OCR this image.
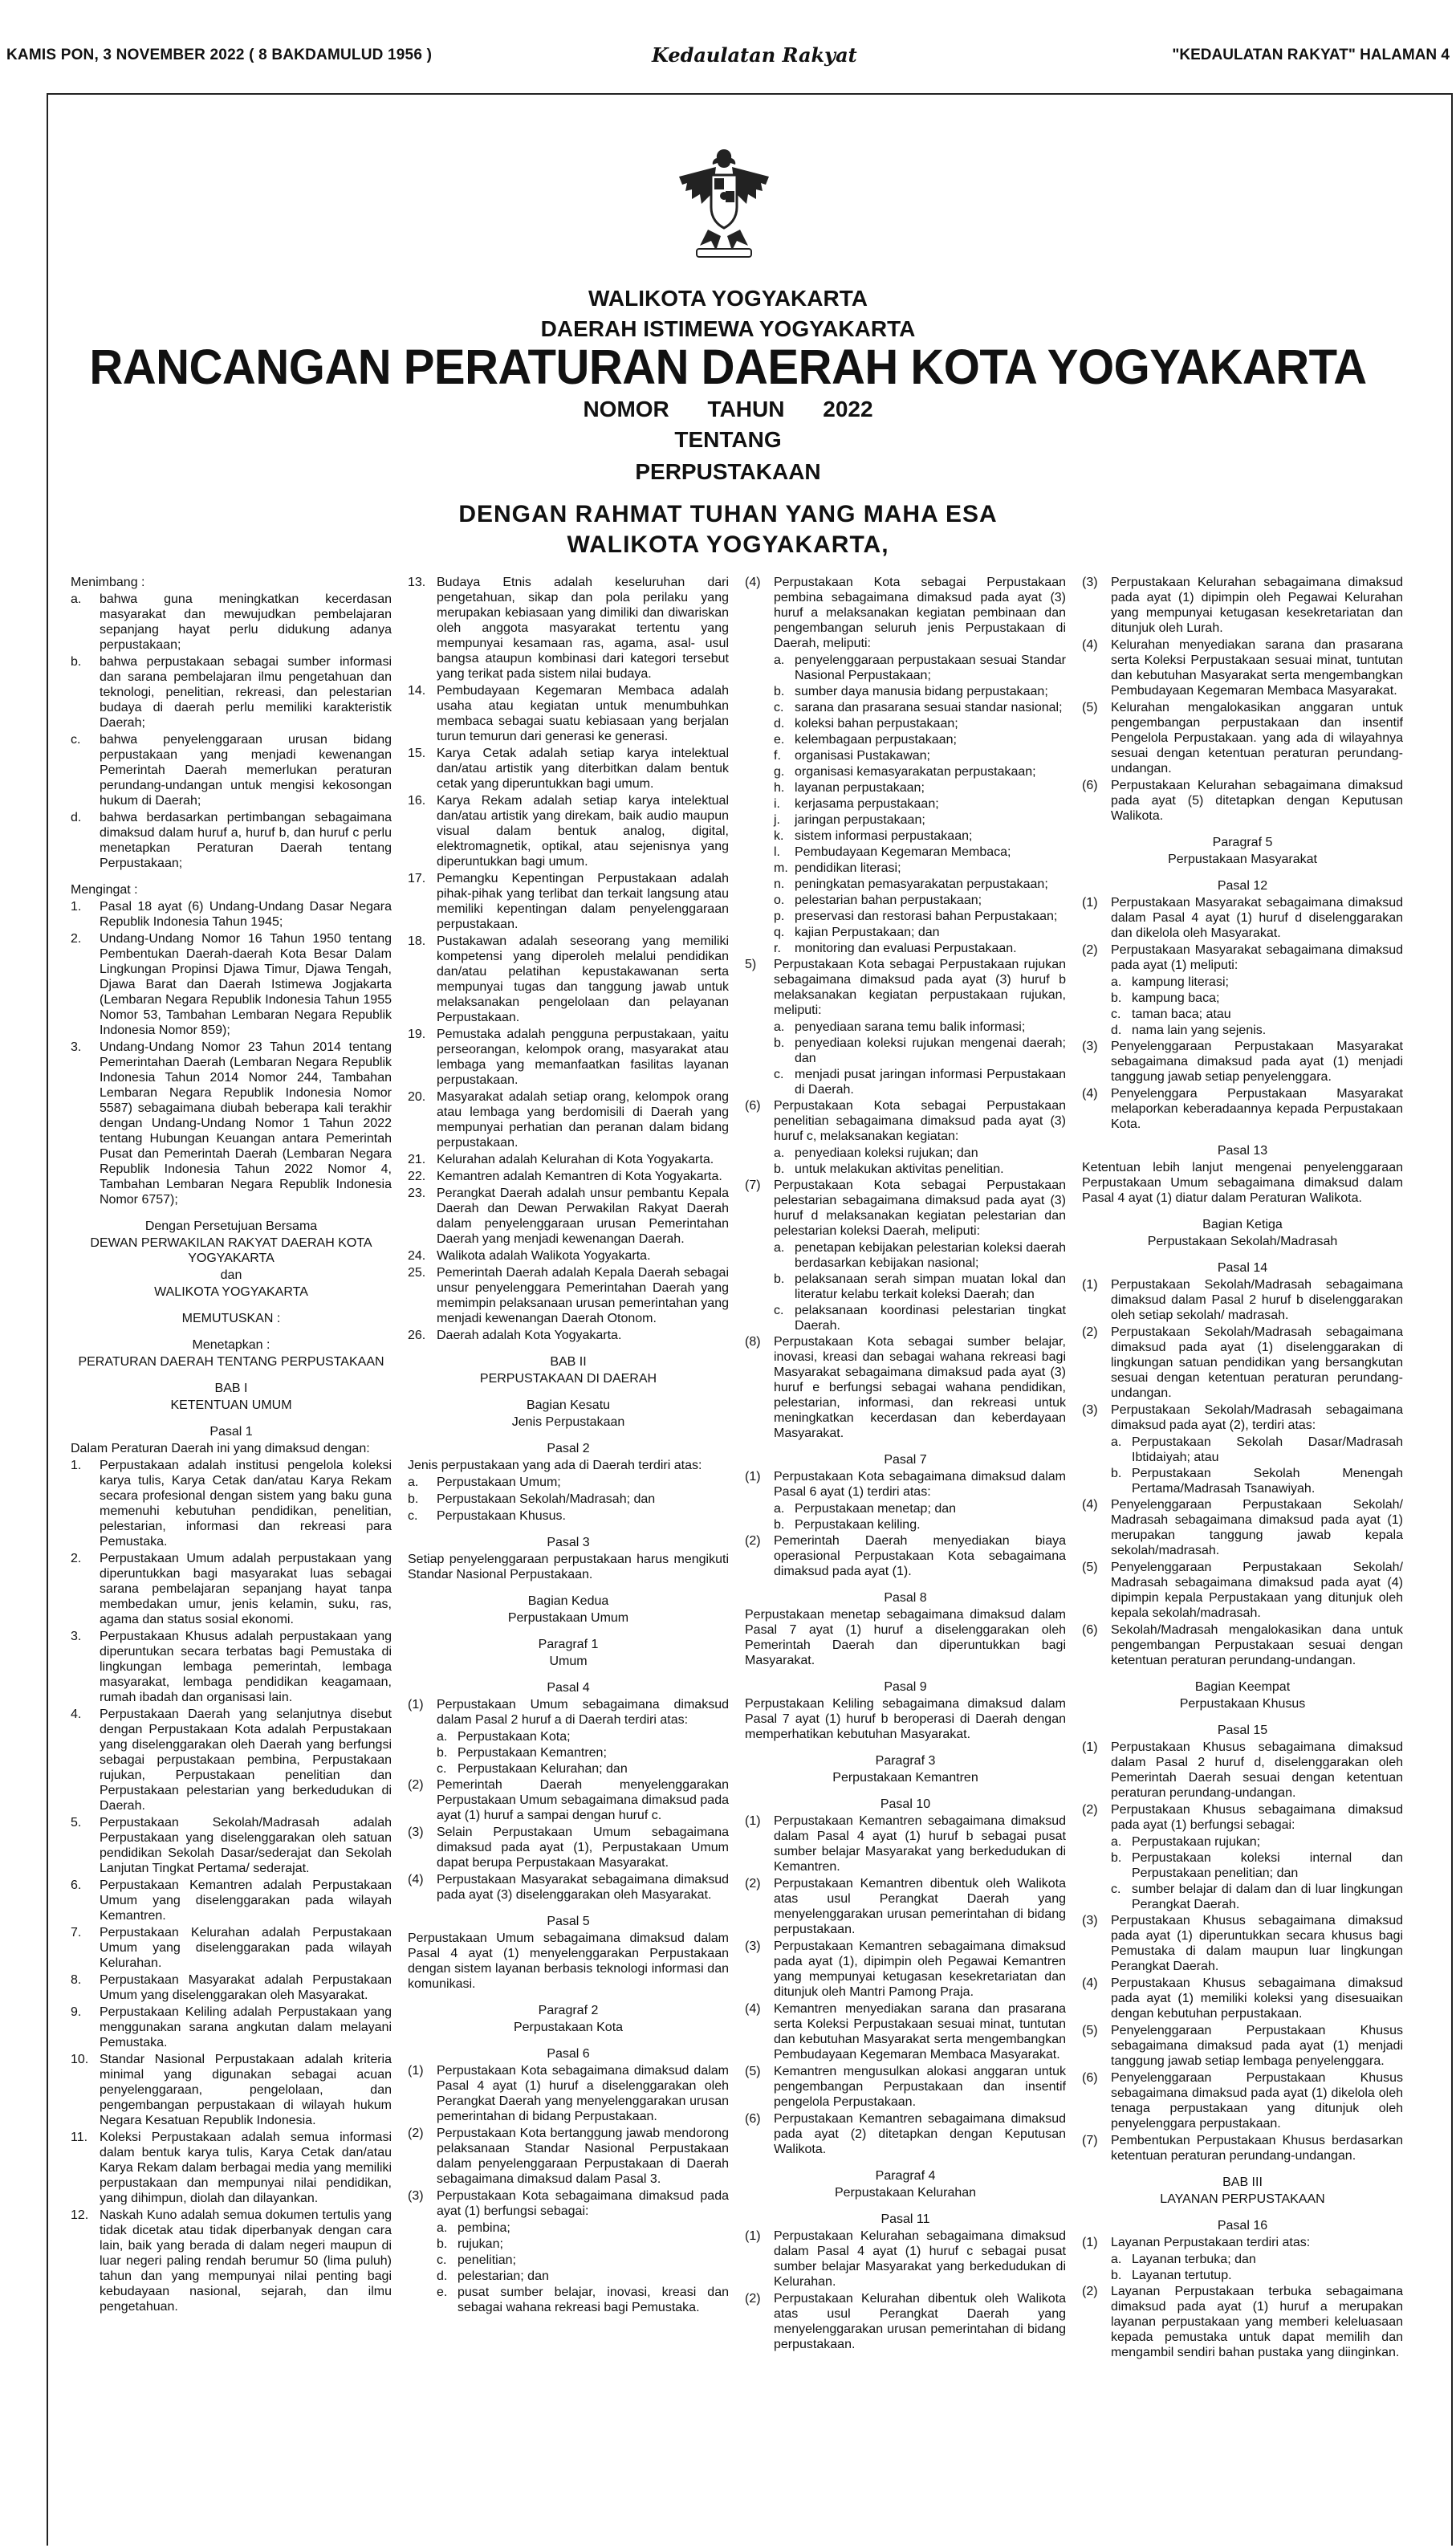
KAMIS PON, 3 NOVEMBER 2022 ( 8 BAKDAMULUD 1956 )	Kedaulatan Rakyat	"KEDAULATAN RAKYAT" HALAMAN 4
WALIKOTA YOGYAKARTA
DAERAH ISTIMEWA YOGYAKARTA
RANCANGAN PERATURAN DAERAH KOTA YOGYAKARTA
NOMOR TAHUN 2022
TENTANG
PERPUSTAKAAN
DENGAN RAHMAT TUHAN YANG MAHA ESA
WALIKOTA YOGYAKARTA,

Menimbang :

a.	bahwa guna meningkatkan kecerdasan masyarakat dan mewujudkan pembelajaran sepanjang hayat perlu didukung adanya perpustakaan;
b.	bahwa perpustakaan sebagai sumber informasi dan sarana pembelajaran ilmu pengetahuan dan teknologi, penelitian, rekreasi, dan pelestarian budaya di daerah perlu memiliki karakteristik Daerah;
c.	bahwa penyelenggaraan urusan bidang perpustakaan yang menjadi kewenangan Pemerintah Daerah memerlukan peraturan perundang-undangan untuk mengisi kekosongan hukum di Daerah;
d.	bahwa berdasarkan pertimbangan sebagaimana dimaksud dalam huruf a, huruf b, dan huruf c perlu menetapkan Peraturan Daerah tentang Perpustakaan;

Mengingat :

1.	Pasal 18 ayat (6) Undang-Undang Dasar Negara Republik Indonesia Tahun 1945;
2.	Undang-Undang Nomor 16 Tahun 1950 tentang Pembentukan Daerah-daerah Kota Besar Dalam Lingkungan Propinsi Djawa Timur, Djawa Tengah, Djawa Barat dan Daerah Istimewa Jogjakarta (Lembaran Negara Republik Indonesia Tahun 1955 Nomor 53, Tambahan Lembaran Negara Republik Indonesia Nomor 859);
3.	Undang-Undang Nomor 23 Tahun 2014 tentang Pemerintahan Daerah (Lembaran Negara Republik Indonesia Tahun 2014 Nomor 244, Tambahan Lembaran Negara Republik Indonesia Nomor 5587) sebagaimana diubah beberapa kali terakhir dengan Undang-Undang Nomor 1 Tahun 2022 tentang Hubungan Keuangan antara Pemerintah Pusat dan Pemerintah Daerah (Lembaran Negara Republik Indonesia Tahun 2022 Nomor 4, Tambahan Lembaran Negara Republik Indonesia Nomor 6757);

Dengan Persetujuan Bersama

DEWAN PERWAKILAN RAKYAT DAERAH KOTA YOGYAKARTA

dan

WALIKOTA YOGYAKARTA

MEMUTUSKAN :

Menetapkan :

PERATURAN DAERAH TENTANG PERPUSTAKAAN

BAB I

KETENTUAN UMUM

Pasal 1

Dalam Peraturan Daerah ini yang dimaksud dengan:

1.	Perpustakaan adalah institusi pengelola koleksi karya tulis, Karya Cetak dan/atau Karya Rekam secara profesional dengan sistem yang baku guna memenuhi kebutuhan pendidikan, penelitian, pelestarian, informasi dan rekreasi para Pemustaka.
2.	Perpustakaan Umum adalah perpustakaan yang diperuntukkan bagi masyarakat luas sebagai sarana pembelajaran sepanjang hayat tanpa membedakan umur, jenis kelamin, suku, ras, agama dan status sosial ekonomi.
3.	Perpustakaan Khusus adalah perpustakaan yang diperuntukan secara terbatas bagi Pemustaka di lingkungan lembaga pemerintah, lembaga masyarakat, lembaga pendidikan keagamaan, rumah ibadah dan organisasi lain.
4.	Perpustakaan Daerah yang selanjutnya disebut dengan Perpustakaan Kota adalah Perpustakaan yang diselenggarakan oleh Daerah yang berfungsi sebagai perpustakaan pembina, Perpustakaan rujukan, Perpustakaan penelitian dan Perpustakaan pelestarian yang berkedudukan di Daerah.
5.	Perpustakaan Sekolah/Madrasah adalah Perpustakaan yang diselenggarakan oleh satuan pendidikan Sekolah Dasar/sederajat dan Sekolah Lanjutan Tingkat Pertama/ sederajat.
6.	Perpustakaan Kemantren adalah Perpustakaan Umum yang diselenggarakan pada wilayah Kemantren.
7.	Perpustakaan Kelurahan adalah Perpustakaan Umum yang diselenggarakan pada wilayah Kelurahan.
8.	Perpustakaan Masyarakat adalah Perpustakaan Umum yang diselenggarakan oleh Masyarakat.
9.	Perpustakaan Keliling adalah Perpustakaan yang menggunakan sarana angkutan dalam melayani Pemustaka.
10. Standar Nasional Perpustakaan adalah kriteria minimal yang digunakan sebagai acuan penyelenggaraan, pengelolaan, dan pengembangan perpustakaan di wilayah hukum Negara Kesatuan Republik Indonesia.
11. Koleksi Perpustakaan adalah semua informasi dalam bentuk karya tulis, Karya Cetak dan/atau Karya Rekam dalam berbagai media yang memiliki perpustakaan dan mempunyai nilai pendidikan, yang dihimpun, diolah dan dilayankan.
12. Naskah Kuno adalah semua dokumen tertulis yang tidak dicetak atau tidak diperbanyak dengan cara lain, baik yang berada di dalam negeri maupun di luar negeri paling rendah berumur 50 (lima puluh) tahun dan yang mempunyai nilai penting bagi kebudayaan nasional, sejarah, dan ilmu pengetahuan.
13. Budaya Etnis adalah keseluruhan dari pengetahuan, sikap dan pola perilaku yang merupakan kebiasaan yang dimiliki dan diwariskan oleh anggota masyarakat tertentu yang mempunyai kesamaan ras, agama, asal- usul bangsa ataupun kombinasi dari kategori tersebut yang terikat pada sistem nilai budaya.
14. Pembudayaan Kegemaran Membaca adalah usaha atau kegiatan untuk menumbuhkan membaca sebagai suatu kebiasaan yang berjalan turun temurun dari generasi ke generasi.
15. Karya Cetak adalah setiap karya intelektual dan/atau artistik yang diterbitkan dalam bentuk cetak yang diperuntukkan bagi umum.
16. Karya Rekam adalah setiap karya intelektual dan/atau artistik yang direkam, baik audio maupun visual dalam bentuk analog, digital, elektromagnetik, optikal, atau sejenisnya yang diperuntukkan bagi umum.
17. Pemangku Kepentingan Perpustakaan adalah pihak-pihak yang terlibat dan terkait langsung atau memiliki kepentingan dalam penyelenggaraan perpustakaan.
18. Pustakawan adalah seseorang yang memiliki kompetensi yang diperoleh melalui pendidikan dan/atau pelatihan kepustakawanan serta mempunyai tugas dan tanggung jawab untuk melaksanakan pengelolaan dan pelayanan Perpustakaan.
19. Pemustaka adalah pengguna perpustakaan, yaitu perseorangan, kelompok orang, masyarakat atau lembaga yang memanfaatkan fasilitas layanan perpustakaan.
20. Masyarakat adalah setiap orang, kelompok orang atau lembaga yang berdomisili di Daerah yang mempunyai perhatian dan peranan dalam bidang perpustakaan.
21. Kelurahan adalah Kelurahan di Kota Yogyakarta.
22. Kemantren adalah Kemantren di Kota Yogyakarta.
23. Perangkat Daerah adalah unsur pembantu Kepala Daerah dan Dewan Perwakilan Rakyat Daerah dalam penyelenggaraan urusan Pemerintahan Daerah yang menjadi kewenangan Daerah.
24. Walikota adalah Walikota Yogyakarta.
25. Pemerintah Daerah adalah Kepala Daerah sebagai unsur penyelenggara Pemerintahan Daerah yang memimpin pelaksanaan urusan pemerintahan yang menjadi kewenangan Daerah Otonom.
26. Daerah adalah Kota Yogyakarta.

BAB II

PERPUSTAKAAN DI DAERAH

Bagian Kesatu

Jenis Perpustakaan

Pasal 2

Jenis perpustakaan yang ada di Daerah terdiri atas:

a.	Perpustakaan Umum;
b.	Perpustakaan Sekolah/Madrasah; dan
c.	Perpustakaan Khusus.

Pasal 3

Setiap penyelenggaraan perpustakaan harus mengikuti Standar Nasional Perpustakaan.

Bagian Kedua

Perpustakaan Umum

Paragraf 1

Umum

Pasal 4

(1)	Perpustakaan Umum sebagaimana dimaksud dalam Pasal 2 huruf a di Daerah terdiri atas:
a. Perpustakaan Kota;
b. Perpustakaan Kemantren;
c. Perpustakaan Kelurahan; dan
(2)	Pemerintah Daerah menyelenggarakan Perpustakaan Umum sebagaimana dimaksud pada ayat (1) huruf a sampai dengan huruf c.
(3)	Selain Perpustakaan Umum sebagaimana dimaksud pada ayat (1), Perpustakaan Umum dapat berupa Perpustakaan Masyarakat.
(4)	Perpustakaan Masyarakat sebagaimana dimaksud pada ayat (3) diselenggarakan oleh Masyarakat.

Pasal 5

Perpustakaan Umum sebagaimana dimaksud dalam Pasal 4 ayat (1) menyelenggarakan Perpustakaan dengan sistem layanan berbasis teknologi informasi dan komunikasi.

Paragraf 2

Perpustakaan Kota

Pasal 6

(1)	Perpustakaan Kota sebagaimana dimaksud dalam Pasal 4 ayat (1) huruf a diselenggarakan oleh Perangkat Daerah yang menyelenggarakan urusan pemerintahan di bidang Perpustakaan.
(2)	Perpustakaan Kota bertanggung jawab mendorong pelaksanaan Standar Nasional Perpustakaan dalam penyelenggaraan Perpustakaan di Daerah sebagaimana dimaksud dalam Pasal 3.
(3)	Perpustakaan Kota sebagaimana dimaksud pada ayat (1) berfungsi sebagai:
a. pembina;
b. rujukan;
c. penelitian;
d. pelestarian; dan
e. pusat sumber belajar, inovasi, kreasi dan sebagai wahana rekreasi bagi Pemustaka.
(4)	Perpustakaan Kota sebagai Perpustakaan pembina sebagaimana dimaksud pada ayat (3) huruf a melaksanakan kegiatan pembinaan dan pengembangan seluruh jenis Perpustakaan di Daerah, meliputi:
a. penyelenggaraan perpustakaan sesuai Standar Nasional Perpustakaan;
b. sumber daya manusia bidang perpustakaan;
c. sarana dan prasarana sesuai standar nasional;
d. koleksi bahan perpustakaan;
e. kelembagaan perpustakaan;
f.	organisasi Pustakawan;
g. organisasi kemasyarakatan perpustakaan;
h. layanan perpustakaan;
i.	kerjasama perpustakaan;
j.	jaringan perpustakaan;
k. sistem informasi perpustakaan;
l.	Pembudayaan Kegemaran Membaca;
m. pendidikan literasi;
n. peningkatan pemasyarakatan perpustakaan;
o. pelestarian bahan perpustakaan;
p. preservasi dan restorasi bahan Perpustakaan;
q. kajian Perpustakaan; dan
r.	monitoring dan evaluasi Perpustakaan.
5)	Perpustakaan Kota sebagai Perpustakaan rujukan sebagaimana dimaksud pada ayat (3) huruf b melaksanakan kegiatan perpustakaan rujukan, meliputi:
a. penyediaan sarana temu balik informasi;
b. penyediaan koleksi rujukan mengenai daerah; dan
c. menjadi pusat jaringan informasi Perpustakaan di Daerah.
(6)	Perpustakaan Kota sebagai Perpustakaan penelitian sebagaimana dimaksud pada ayat (3) huruf c, melaksanakan kegiatan:
a. penyediaan koleksi rujukan; dan
b. untuk melakukan aktivitas penelitian.
(7)	Perpustakaan Kota sebagai Perpustakaan pelestarian sebagaimana dimaksud pada ayat (3) huruf d melaksanakan kegiatan pelestarian dan pelestarian koleksi Daerah, meliputi:
a. penetapan kebijakan pelestarian koleksi daerah berdasarkan kebijakan nasional;
b. pelaksanaan serah simpan muatan lokal dan literatur kelabu terkait koleksi Daerah; dan
c. pelaksanaan koordinasi pelestarian tingkat Daerah.
(8)	Perpustakaan Kota sebagai sumber belajar, inovasi, kreasi dan sebagai wahana rekreasi bagi Masyarakat sebagaimana dimaksud pada ayat (3) huruf e berfungsi sebagai wahana pendidikan, pelestarian, informasi, dan rekreasi untuk meningkatkan kecerdasan dan keberdayaan Masyarakat.

Pasal 7

(1)	Perpustakaan Kota sebagaimana dimaksud dalam Pasal 6 ayat (1) terdiri atas:
a. Perpustakaan menetap; dan
b. Perpustakaan keliling.
(2)	Pemerintah Daerah menyediakan biaya operasional Perpustakaan Kota sebagaimana dimaksud pada ayat (1).

Pasal 8

Perpustakaan menetap sebagaimana dimaksud dalam Pasal 7 ayat (1) huruf a diselenggarakan oleh Pemerintah Daerah dan diperuntukkan bagi Masyarakat.

Pasal 9

Perpustakaan Keliling sebagaimana dimaksud dalam Pasal 7 ayat (1) huruf b beroperasi di Daerah dengan memperhatikan kebutuhan Masyarakat.

Paragraf 3

Perpustakaan Kemantren

Pasal 10

(1)	Perpustakaan Kemantren sebagaimana dimaksud dalam Pasal 4 ayat (1) huruf b sebagai pusat sumber belajar Masyarakat yang berkedudukan di Kemantren.
(2)	Perpustakaan Kemantren dibentuk oleh Walikota atas usul Perangkat Daerah yang menyelenggarakan urusan pemerintahan di bidang perpustakaan.
(3)	Perpustakaan Kemantren sebagaimana dimaksud pada ayat (1), dipimpin oleh Pegawai Kemantren yang mempunyai ketugasan kesekretariatan dan ditunjuk oleh Mantri Pamong Praja.
(4)	Kemantren menyediakan sarana dan prasarana serta Koleksi Perpustakaan sesuai minat, tuntutan dan kebutuhan Masyarakat serta mengembangkan Pembudayaan Kegemaran Membaca Masyarakat.
(5)	Kemantren mengusulkan alokasi anggaran untuk pengembangan Perpustakaan dan insentif pengelola Perpustakaan.
(6)	Perpustakaan Kemantren sebagaimana dimaksud pada ayat (2) ditetapkan dengan Keputusan Walikota.

Paragraf 4

Perpustakaan Kelurahan

Pasal 11

(1)	Perpustakaan Kelurahan sebagaimana dimaksud dalam Pasal 4 ayat (1) huruf c sebagai pusat sumber belajar Masyarakat yang berkedudukan di Kelurahan.
(2)	Perpustakaan Kelurahan dibentuk oleh Walikota atas usul Perangkat Daerah yang menyelenggarakan urusan pemerintahan di bidang perpustakaan.
(3)	Perpustakaan Kelurahan sebagaimana dimaksud pada ayat (1) dipimpin oleh Pegawai Kelurahan yang mempunyai ketugasan kesekretariatan dan ditunjuk oleh Lurah.
(4)	Kelurahan menyediakan sarana dan prasarana serta Koleksi Perpustakaan sesuai minat, tuntutan dan kebutuhan Masyarakat serta mengembangkan Pembudayaan Kegemaran Membaca Masyarakat.
(5)	Kelurahan mengalokasikan anggaran untuk pengembangan perpustakaan dan insentif Pengelola Perpustakaan. yang ada di wilayahnya sesuai dengan ketentuan peraturan perundang-undangan.
(6)	Perpustakaan Kelurahan sebagaimana dimaksud pada ayat (5) ditetapkan dengan Keputusan Walikota.

Paragraf 5

Perpustakaan Masyarakat

Pasal 12

(1)	Perpustakaan Masyarakat sebagaimana dimaksud dalam Pasal 4 ayat (1) huruf d diselenggarakan dan dikelola oleh Masyarakat.
(2)	Perpustakaan Masyarakat sebagaimana dimaksud pada ayat (1) meliputi:
a. kampung literasi;
b. kampung baca;
c. taman baca; atau
d. nama lain yang sejenis.
(3)	Penyelenggaraan Perpustakaan Masyarakat sebagaimana dimaksud pada ayat (1) menjadi tanggung jawab setiap penyelenggara.
(4)	Penyelenggara Perpustakaan Masyarakat melaporkan keberadaannya kepada Perpustakaan Kota.

Pasal 13

Ketentuan lebih lanjut mengenai penyelenggaraan Perpustakaan Umum sebagaimana dimaksud dalam Pasal 4 ayat (1) diatur dalam Peraturan Walikota.

Bagian Ketiga

Perpustakaan Sekolah/Madrasah

Pasal 14

(1)	Perpustakaan Sekolah/Madrasah sebagaimana dimaksud dalam Pasal 2 huruf b diselenggarakan oleh setiap sekolah/ madrasah.
(2)	Perpustakaan Sekolah/Madrasah sebagaimana dimaksud pada ayat (1) diselenggarakan di lingkungan satuan pendidikan yang bersangkutan sesuai dengan ketentuan peraturan perundang-undangan.
(3)	Perpustakaan Sekolah/Madrasah sebagaimana dimaksud pada ayat (2), terdiri atas:
a. Perpustakaan Sekolah Dasar/Madrasah Ibtidaiyah; atau
b. Perpustakaan Sekolah Menengah Pertama/Madrasah Tsanawiyah.
(4)	Penyelenggaraan Perpustakaan Sekolah/ Madrasah sebagaimana dimaksud pada ayat (1) merupakan tanggung jawab kepala sekolah/madrasah.
(5)	Penyelenggaraan Perpustakaan Sekolah/ Madrasah sebagaimana dimaksud pada ayat (4) dipimpin kepala Perpustakaan yang ditunjuk oleh kepala sekolah/madrasah.
(6)	Sekolah/Madrasah mengalokasikan dana untuk pengembangan Perpustakaan sesuai dengan ketentuan peraturan perundang-undangan.

Bagian Keempat

Perpustakaan Khusus

Pasal 15

(1)	Perpustakaan Khusus sebagaimana dimaksud dalam Pasal 2 huruf d, diselenggarakan oleh Pemerintah Daerah sesuai dengan ketentuan peraturan perundang-undangan.
(2)	Perpustakaan Khusus sebagaimana dimaksud pada ayat (1) berfungsi sebagai:
a. Perpustakaan rujukan;
b. Perpustakaan koleksi internal dan Perpustakaan penelitian; dan
c. sumber belajar di dalam dan di luar lingkungan Perangkat Daerah.
(3)	Perpustakaan Khusus sebagaimana dimaksud pada ayat (1) diperuntukkan secara khusus bagi Pemustaka di dalam maupun luar lingkungan Perangkat Daerah.
(4)	Perpustakaan Khusus sebagaimana dimaksud pada ayat (1) memiliki koleksi yang disesuaikan dengan kebutuhan perpustakaan.
(5)	Penyelenggaraan Perpustakaan Khusus sebagaimana dimaksud pada ayat (1) menjadi tanggung jawab setiap lembaga penyelenggara.
(6)	Penyelenggaraan Perpustakaan Khusus sebagaimana dimaksud pada ayat (1) dikelola oleh tenaga perpustakaan yang ditunjuk oleh penyelenggara perpustakaan.
(7)	Pembentukan Perpustakaan Khusus berdasarkan ketentuan peraturan perundang-undangan.

BAB III

LAYANAN PERPUSTAKAAN

Pasal 16

(1)	Layanan Perpustakaan terdiri atas:
a. Layanan terbuka; dan
b. Layanan tertutup.
(2)	Layanan Perpustakaan terbuka sebagaimana dimaksud pada ayat (1) huruf a merupakan layanan perpustakaan yang memberi keleluasaan kepada pemustaka untuk dapat memilih dan mengambil sendiri bahan pustaka yang diinginkan.
